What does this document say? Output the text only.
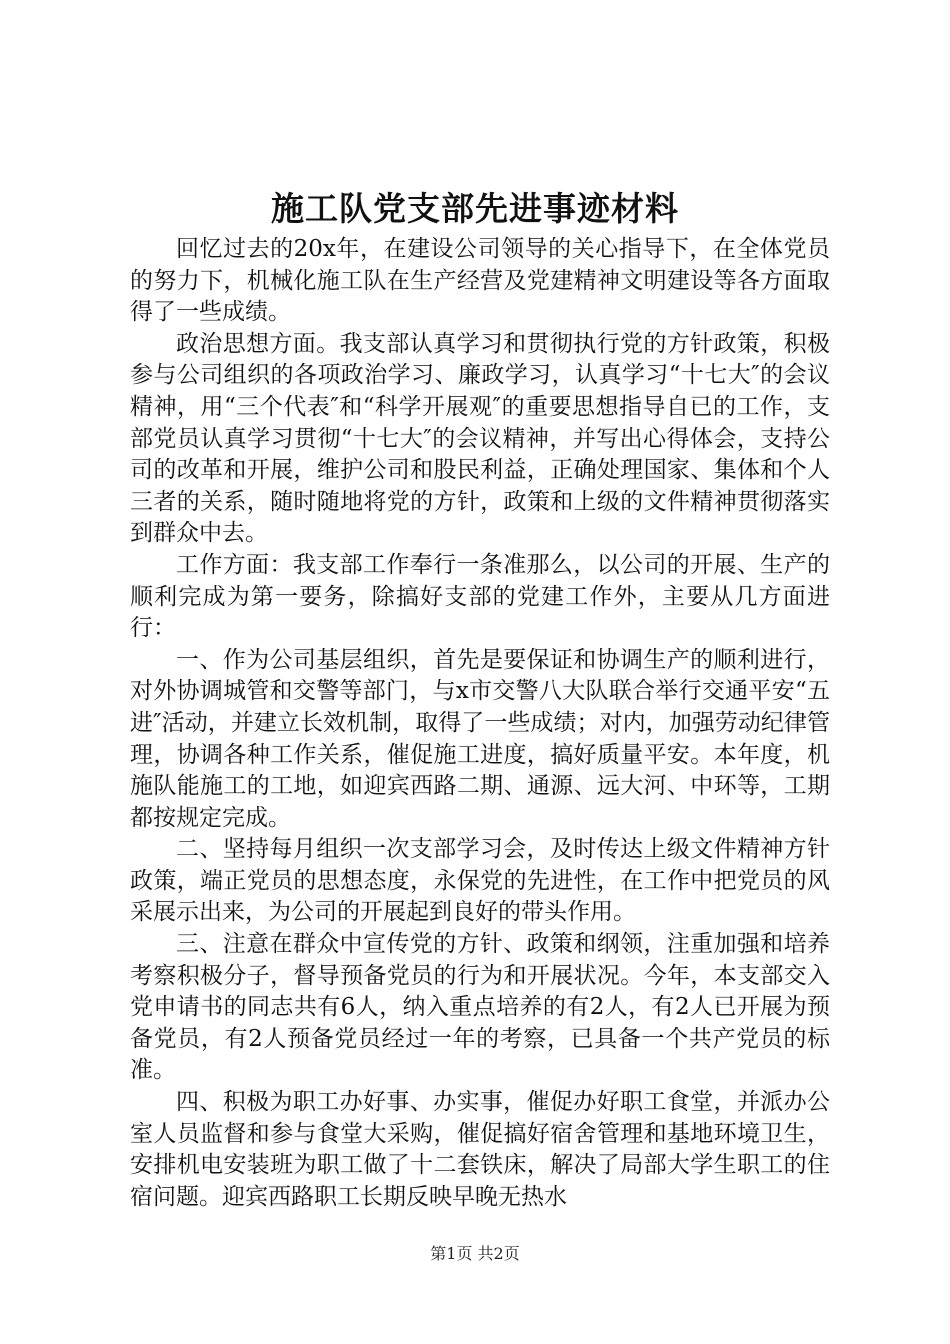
施工队党支部先进事迹材料

回忆过去的20x年，在建设公司领导的关心指导下，在全体党员的努力下，机械化施工队在生产经营及党建精神文明建设等各方面取得了一些成绩。

政治思想方面。我支部认真学习和贯彻执行党的方针政策，积极参与公司组织的各项政治学习、廉政学习，认真学习“十七大″的会议精神，用“三个代表″和“科学开展观″的重要思想指导自已的工作，支部党员认真学习贯彻“十七大″的会议精神，并写出心得体会，支持公司的改革和开展，维护公司和股民利益，正确处理国家、集体和个人三者的关系，随时随地将党的方针，政策和上级的文件精神贯彻落实到群众中去。

工作方面：我支部工作奉行一条准那么，以公司的开展、生产的顺利完成为第一要务，除搞好支部的党建工作外，主要从几方面进行：

一、作为公司基层组织，首先是要保证和协调生产的顺利进行，对外协调城管和交警等部门，与x市交警八大队联合举行交通平安“五进″活动，并建立长效机制，取得了一些成绩；对内，加强劳动纪律管理，协调各种工作关系，催促施工进度，搞好质量平安。本年度，机施队能施工的工地，如迎宾西路二期、通源、远大河、中环等，工期都按规定完成。

二、坚持每月组织一次支部学习会，及时传达上级文件精神方针政策，端正党员的思想态度，永保党的先进性，在工作中把党员的风采展示出来，为公司的开展起到良好的带头作用。

三、注意在群众中宣传党的方针、政策和纲领，注重加强和培养考察积极分子，督导预备党员的行为和开展状况。今年，本支部交入党申请书的同志共有6人，纳入重点培养的有2人，有2人已开展为预备党员，有2人预备党员经过一年的考察，已具备一个共产党员的标准。

四、积极为职工办好事、办实事，催促办好职工食堂，并派办公室人员监督和参与食堂大采购，催促搞好宿舍管理和基地环境卫生，安排机电安装班为职工做了十二套铁床，解决了局部大学生职工的住宿问题。迎宾西路职工长期反映早晚无热水

第1页 共2页
